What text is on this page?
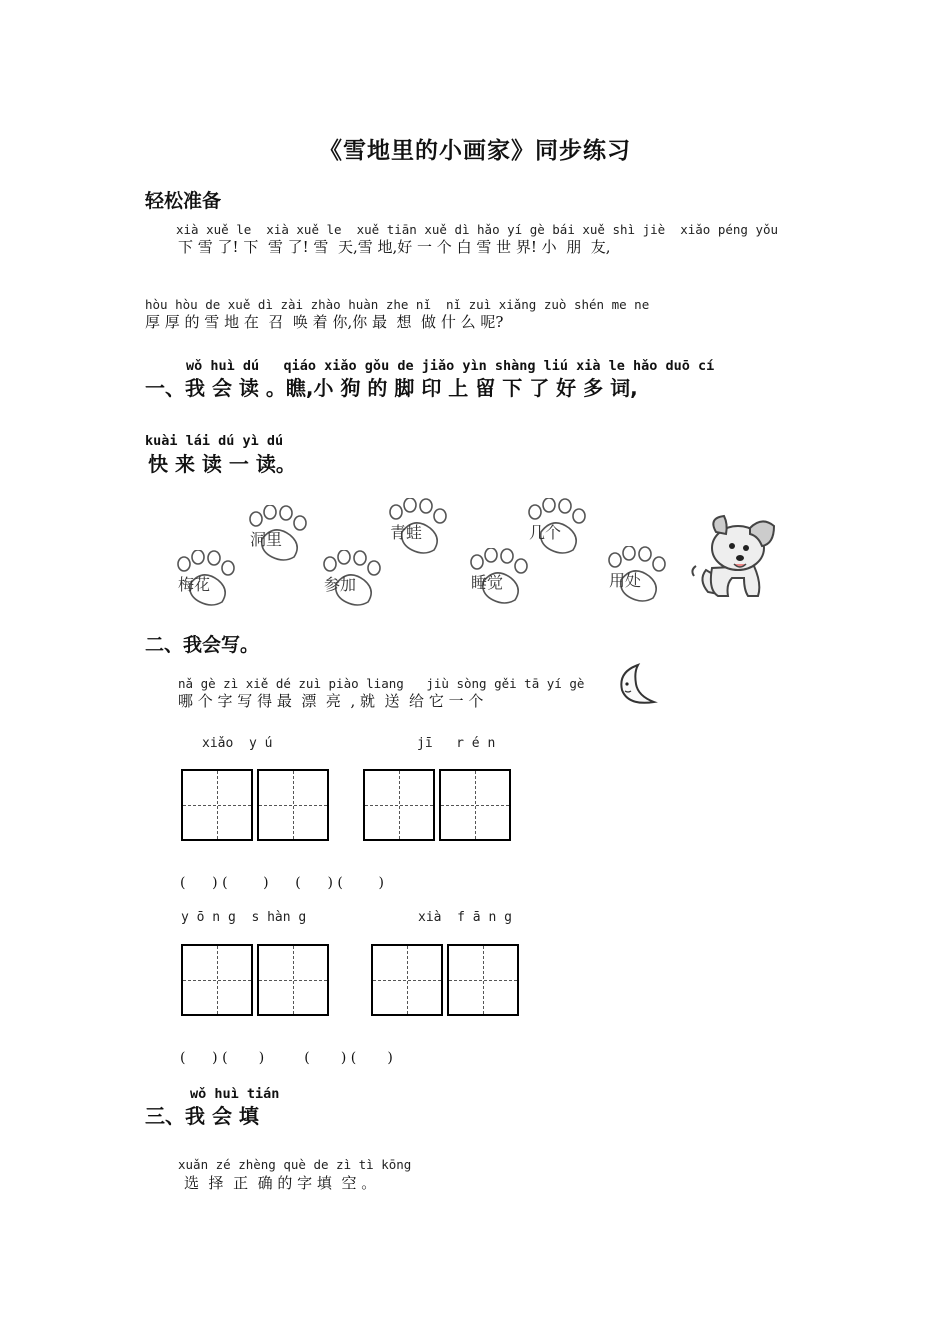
《雪地里的小画家》同步练习
轻松准备
xià xuě le  xià xuě le  xuě tiān xuě dì hǎo yí gè bái xuě shì jiè  xiǎo péng yǒu
下 雪 了! 下  雪 了! 雪  天,雪 地,好 一 个 白 雪 世 界! 小  朋  友,
hòu hòu de xuě dì zài zhào huàn zhe nǐ  nǐ zuì xiǎng zuò shén me ne
厚 厚 的 雪 地 在  召  唤 着 你,你 最  想  做 什 么 呢?
wǒ huì dú   qiáo xiǎo gǒu de jiǎo yìn shàng liú xià le hǎo duō cí
一、我 会 读 。瞧,小 狗 的 脚 印 上 留 下 了 好 多 词,
kuài lái dú yì dú
快 来 读 一 读。
洞里	青蛙	几个
梅花	参加	睡觉	用处
二、我会写。
nǎ gè zì xiě dé zuì piào liang   jiù sòng gěi tā yí gè
哪 个 字 写 得 最  漂  亮  , 就  送  给 它 一 个
xiǎo  y ú	jī   r é n
(      ) (        )      (      ) (        )
y ō n g  s hàn g	xià  f ā n g
(      ) (       )         (       ) (       )
wǒ huì tián
三、我 会 填
xuǎn zé zhèng què de zì tì kōng
选  择  正  确 的 字 填  空 。
